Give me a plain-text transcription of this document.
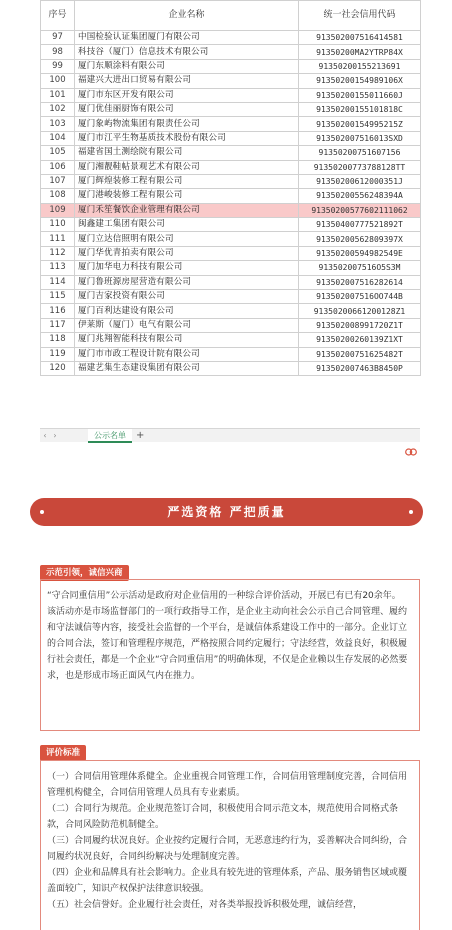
序号	企业名称	统一社会信用代码
97	中国检验认证集团厦门有限公司	913502007516414581
98	科技谷（厦门）信息技术有限公司	91350200MA2YTRP84X
99	厦门东顺涂料有限公司	91350200155213691
100	福建兴大进出口贸易有限公司	91350200154989106X
101	厦门市东区开发有限公司	91350200155011660J
102	厦门优佳丽厨饰有限公司	91350200155101818C
103	厦门象屿物流集团有限责任公司	91350200154995215Z
104	厦门市江平生物基质技术股份有限公司	913502007516013SXD
105	福建省国土测绘院有限公司	91350200751607156
106	厦门湘靓鞋帖景观艺术有限公司	91350200773788128TT
107	厦门辉煌装修工程有限公司	91350200612000351J
108	厦门港峻装修工程有限公司	91350200556248394A
109	厦门禾笙餐饮企业管理有限公司	91350200577602111062
110	闽鑫建工集团有限公司	91350400777521892T
111	厦门立达信照明有限公司	91350200562809397X
112	厦门华优青拍卖有限公司	91350200594982549E
113	厦门加华电力科技有限公司	913502007516O5S3M
114	厦门鲁班源房屋营造有限公司	913502007516282614
115	厦门吉家投资有限公司	913502007516OO744B
116	厦门百利达建设有限公司	91350200661200128Z1
117	伊莱斯（厦门）电气有限公司	913502008991720Z1T
118	厦门兆翔智能科技有限公司	91350200260139Z1XT
119	厦门市市政工程设计院有限公司	91350200751625482T
120	福建艺集生态建设集团有限公司	913502007463B8450P
‹ ›	公示名单	+
严选资格 严把质量
示范引领，诚信兴商

“守合同重信用”公示活动是政府对企业信用的一种综合评价活动，开展已有已有20余年。

该活动亦是市场监督部门的一项行政指导工作，是企业主动向社会公示自己合同管理、履约和守法诚信等内容，接受社会监督的一个平台，是诚信体系建设工作中的一部分。企业订立的合同合法，签订和管理程序规范，严格按照合同约定履行；守法经营，效益良好，积极履行社会责任，都是一个企业“守合同重信用”的明确体现，不仅是企业赖以生存发展的必然要求，也是形成市场正面风气内在推力。

评价标准

（一）合同信用管理体系健全。企业重视合同管理工作，合同信用管理制度完善，合同信用管理机构健全，合同信用管理人员具有专业素质。

（二）合同行为规范。企业规范签订合同，积极使用合同示范文本，规范使用合同格式条款，合同风险防范机制健全。

（三）合同履约状况良好。企业按约定履行合同，无恶意违约行为，妥善解决合同纠纷，合同履约状况良好，合同纠纷解决与处理制度完善。

（四）企业和品牌具有社会影响力。企业具有较先进的管理体系，产品、服务销售区域或覆盖面较广，知识产权保护法律意识较强。

（五）社会信誉好。企业履行社会责任，对各类举报投诉积极处理，诚信经营，
